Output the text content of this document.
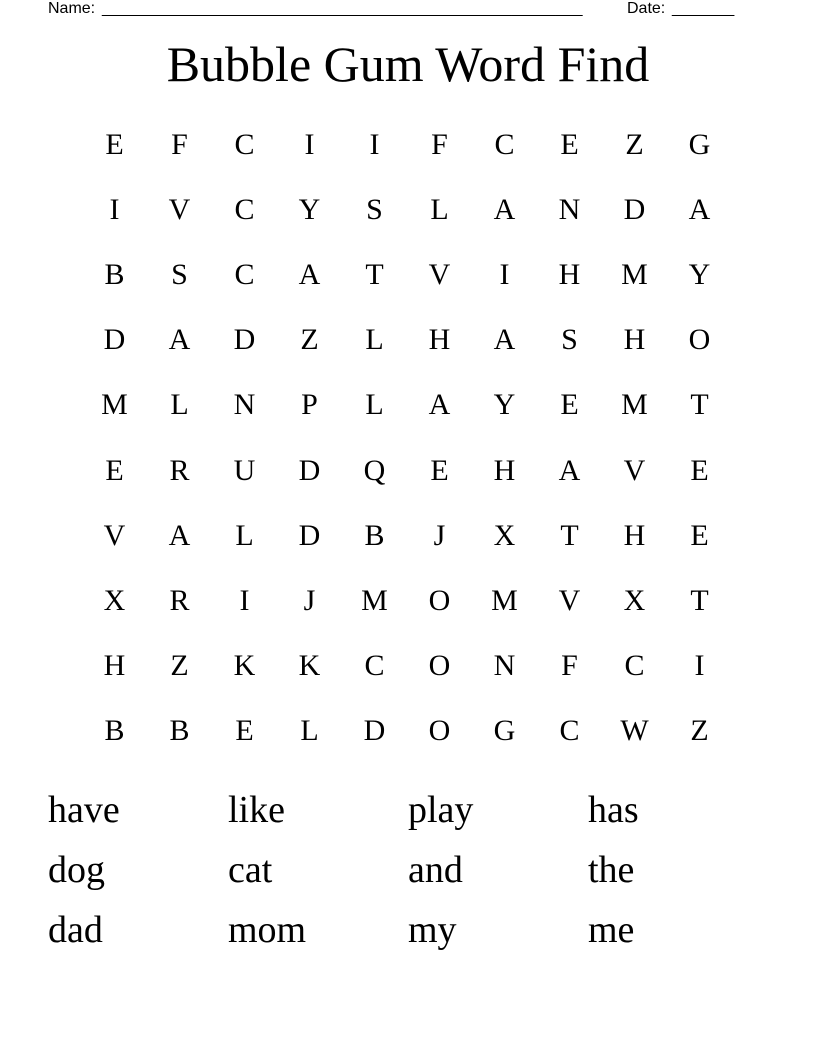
Name: ______________________________________________________	Date: _______
Bubble Gum Word Find
E	F	C	I	I	F	C	E	Z	G
I	V	C	Y	S	L	A	N	D	A
B	S	C	A	T	V	I	H	M	Y
D	A	D	Z	L	H	A	S	H	O
M	L	N	P	L	A	Y	E	M	T
E	R	U	D	Q	E	H	A	V	E
V	A	L	D	B	J	X	T	H	E
X	R	I	J	M	O	M	V	X	T
H	Z	K	K	C	O	N	F	C	I
B	B	E	L	D	O	G	C	W	Z
have	like	play	has
dog	cat	and	the
dad	mom	my	me
